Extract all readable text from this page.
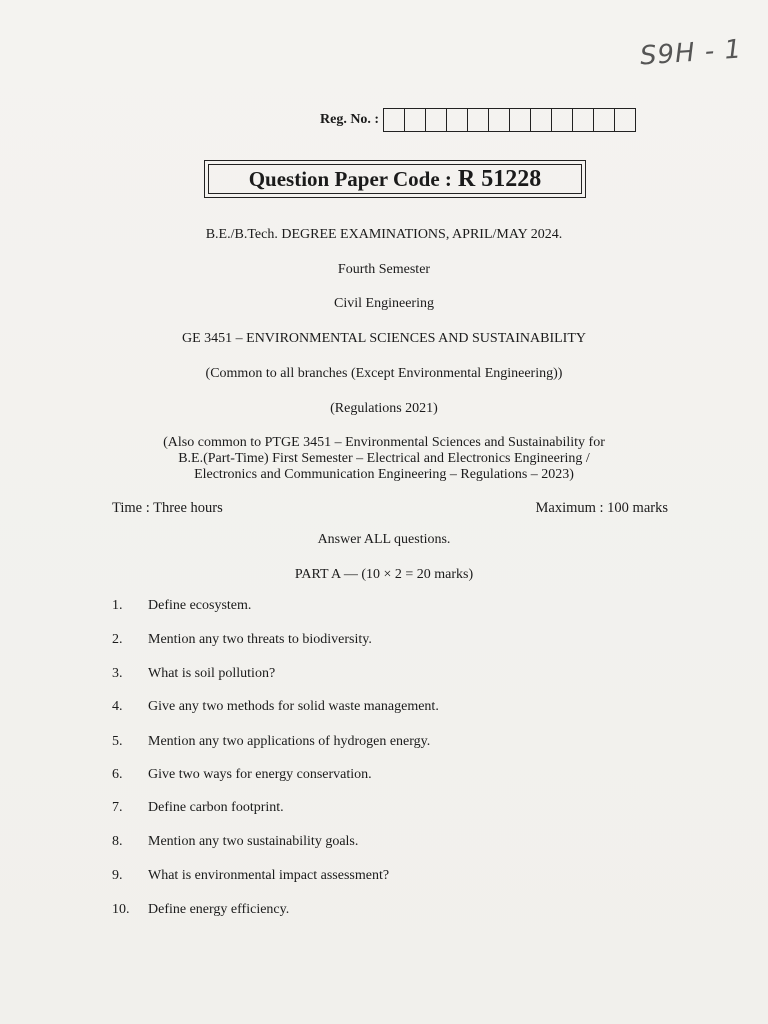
S9H - 1
Reg. No. :
Question Paper Code : R 51228
B.E./B.Tech. DEGREE EXAMINATIONS, APRIL/MAY 2024.
Fourth Semester
Civil Engineering
GE 3451 – ENVIRONMENTAL SCIENCES AND SUSTAINABILITY
(Common to all branches (Except Environmental Engineering))
(Regulations 2021)
(Also common to PTGE 3451 – Environmental Sciences and Sustainability for
B.E.(Part-Time) First Semester – Electrical and Electronics Engineering /
Electronics and Communication Engineering – Regulations – 2023)
Time : Three hours	Maximum : 100 marks
Answer ALL questions.
PART A — (10 × 2 = 20 marks)
1.	Define ecosystem.
2.	Mention any two threats to biodiversity.
3.	What is soil pollution?
4.	Give any two methods for solid waste management.
5.	Mention any two applications of hydrogen energy.
6.	Give two ways for energy conservation.
7.	Define carbon footprint.
8.	Mention any two sustainability goals.
9.	What is environmental impact assessment?
10.	Define energy efficiency.
